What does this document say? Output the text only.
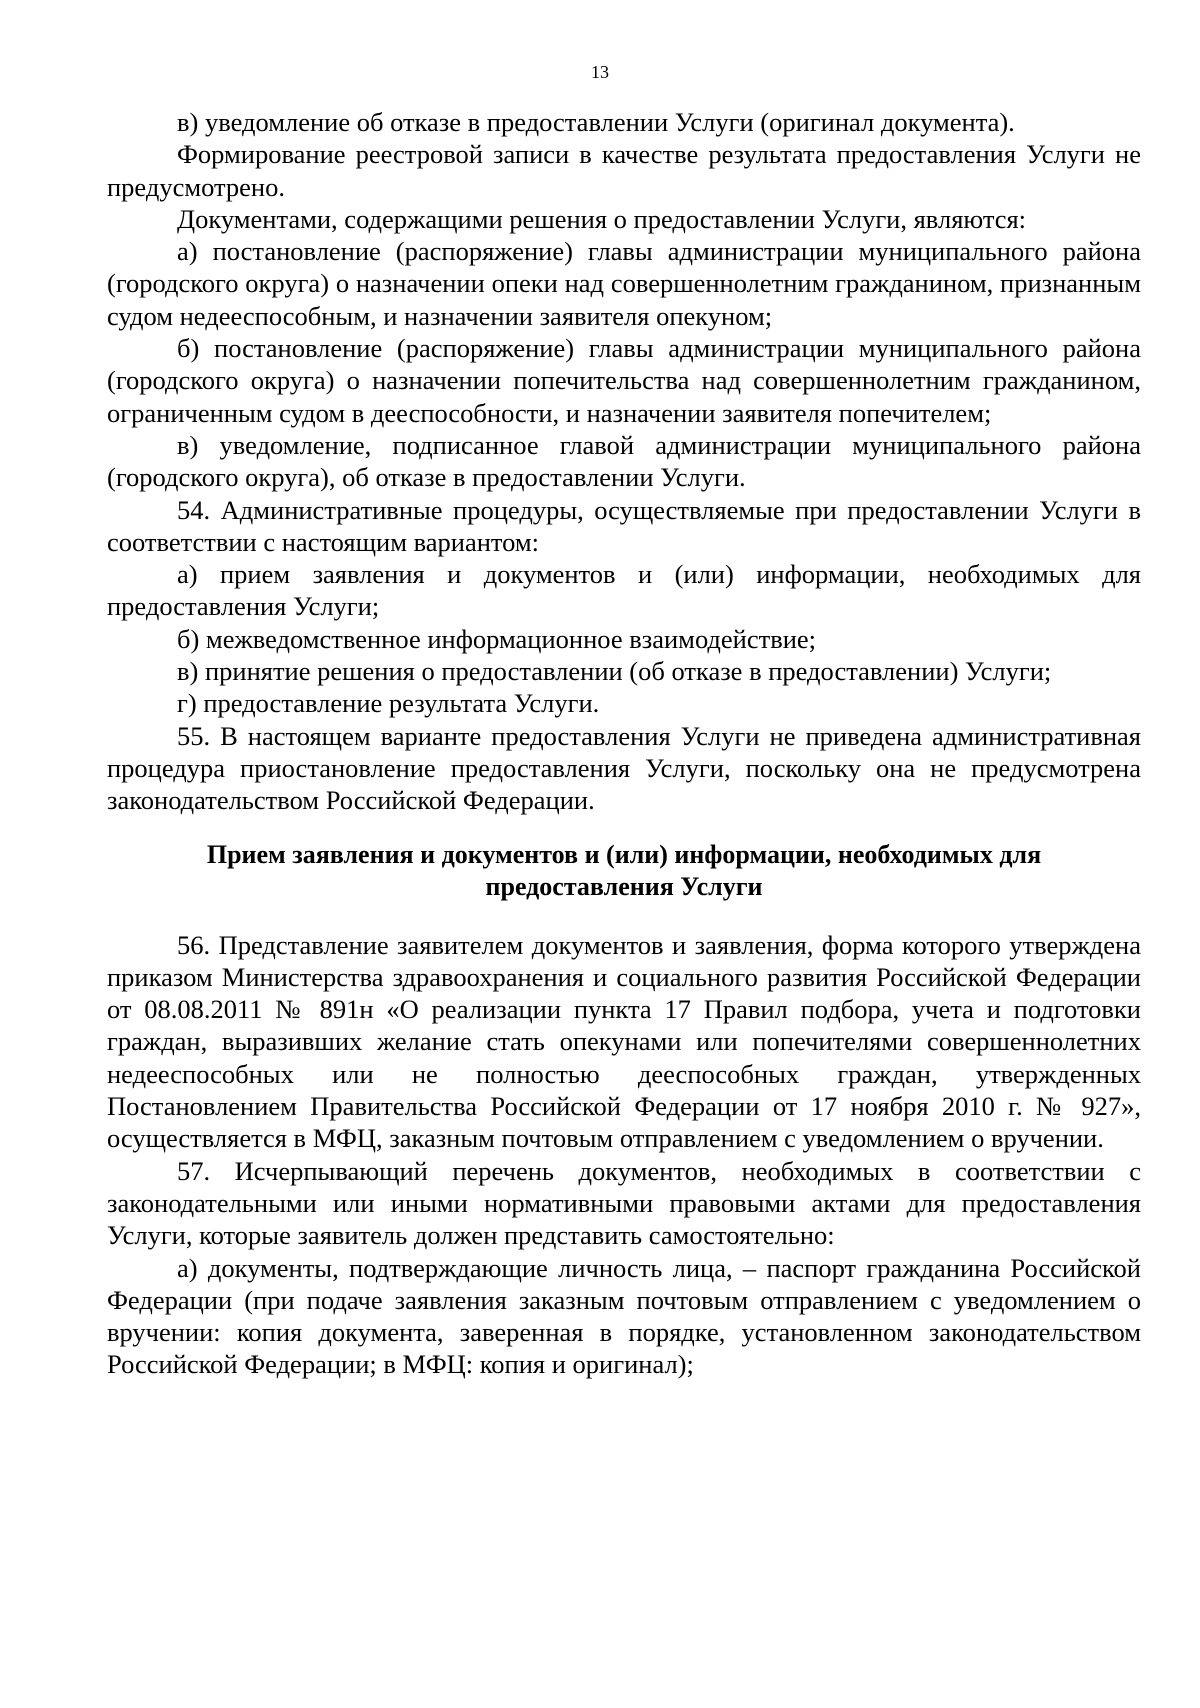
13

в) уведомление об отказе в предоставлении Услуги (оригинал документа).

Формирование реестровой записи в качестве результата предоставления Услуги не предусмотрено.

Документами, содержащими решения о предоставлении Услуги, являются:

а) постановление (распоряжение) главы администрации муниципального района (городского округа) о назначении опеки над совершеннолетним гражданином, признанным судом недееспособным, и назначении заявителя опекуном;

б) постановление (распоряжение) главы администрации муниципального района (городского округа) о назначении попечительства над совершеннолетним гражданином, ограниченным судом в дееспособности, и назначении заявителя попечителем;

в) уведомление, подписанное главой администрации муниципального района (городского округа), об отказе в предоставлении Услуги.

54. Административные процедуры, осуществляемые при предоставлении Услуги в соответствии с настоящим вариантом:

а) прием заявления и документов и (или) информации, необходимых для предоставления Услуги;

б) межведомственное информационное взаимодействие;

в) принятие решения о предоставлении (об отказе в предоставлении) Услуги;

г) предоставление результата Услуги.

55. В настоящем варианте предоставления Услуги не приведена административная процедура приостановление предоставления Услуги, поскольку она не предусмотрена законодательством Российской Федерации.

Прием заявления и документов и (или) информации, необходимых для
предоставления Услуги

56. Представление заявителем документов и заявления, форма которого утверждена приказом Министерства здравоохранения и социального развития Российской Федерации от 08.08.2011 № 891н «О реализации пункта 17 Правил подбора, учета и подготовки граждан, выразивших желание стать опекунами или попечителями совершеннолетних недееспособных или не полностью дееспособных граждан, утвержденных Постановлением Правительства Российской Федерации от 17 ноября 2010 г. № 927», осуществляется в МФЦ, заказным почтовым отправлением с уведомлением о вручении.

57. Исчерпывающий перечень документов, необходимых в соответствии с законодательными или иными нормативными правовыми актами для предоставления Услуги, которые заявитель должен представить самостоятельно:

а) документы, подтверждающие личность лица, – паспорт гражданина Российской Федерации (при подаче заявления заказным почтовым отправлением с уведомлением о вручении: копия документа, заверенная в порядке, установленном законодательством Российской Федерации; в МФЦ: копия и оригинал);
